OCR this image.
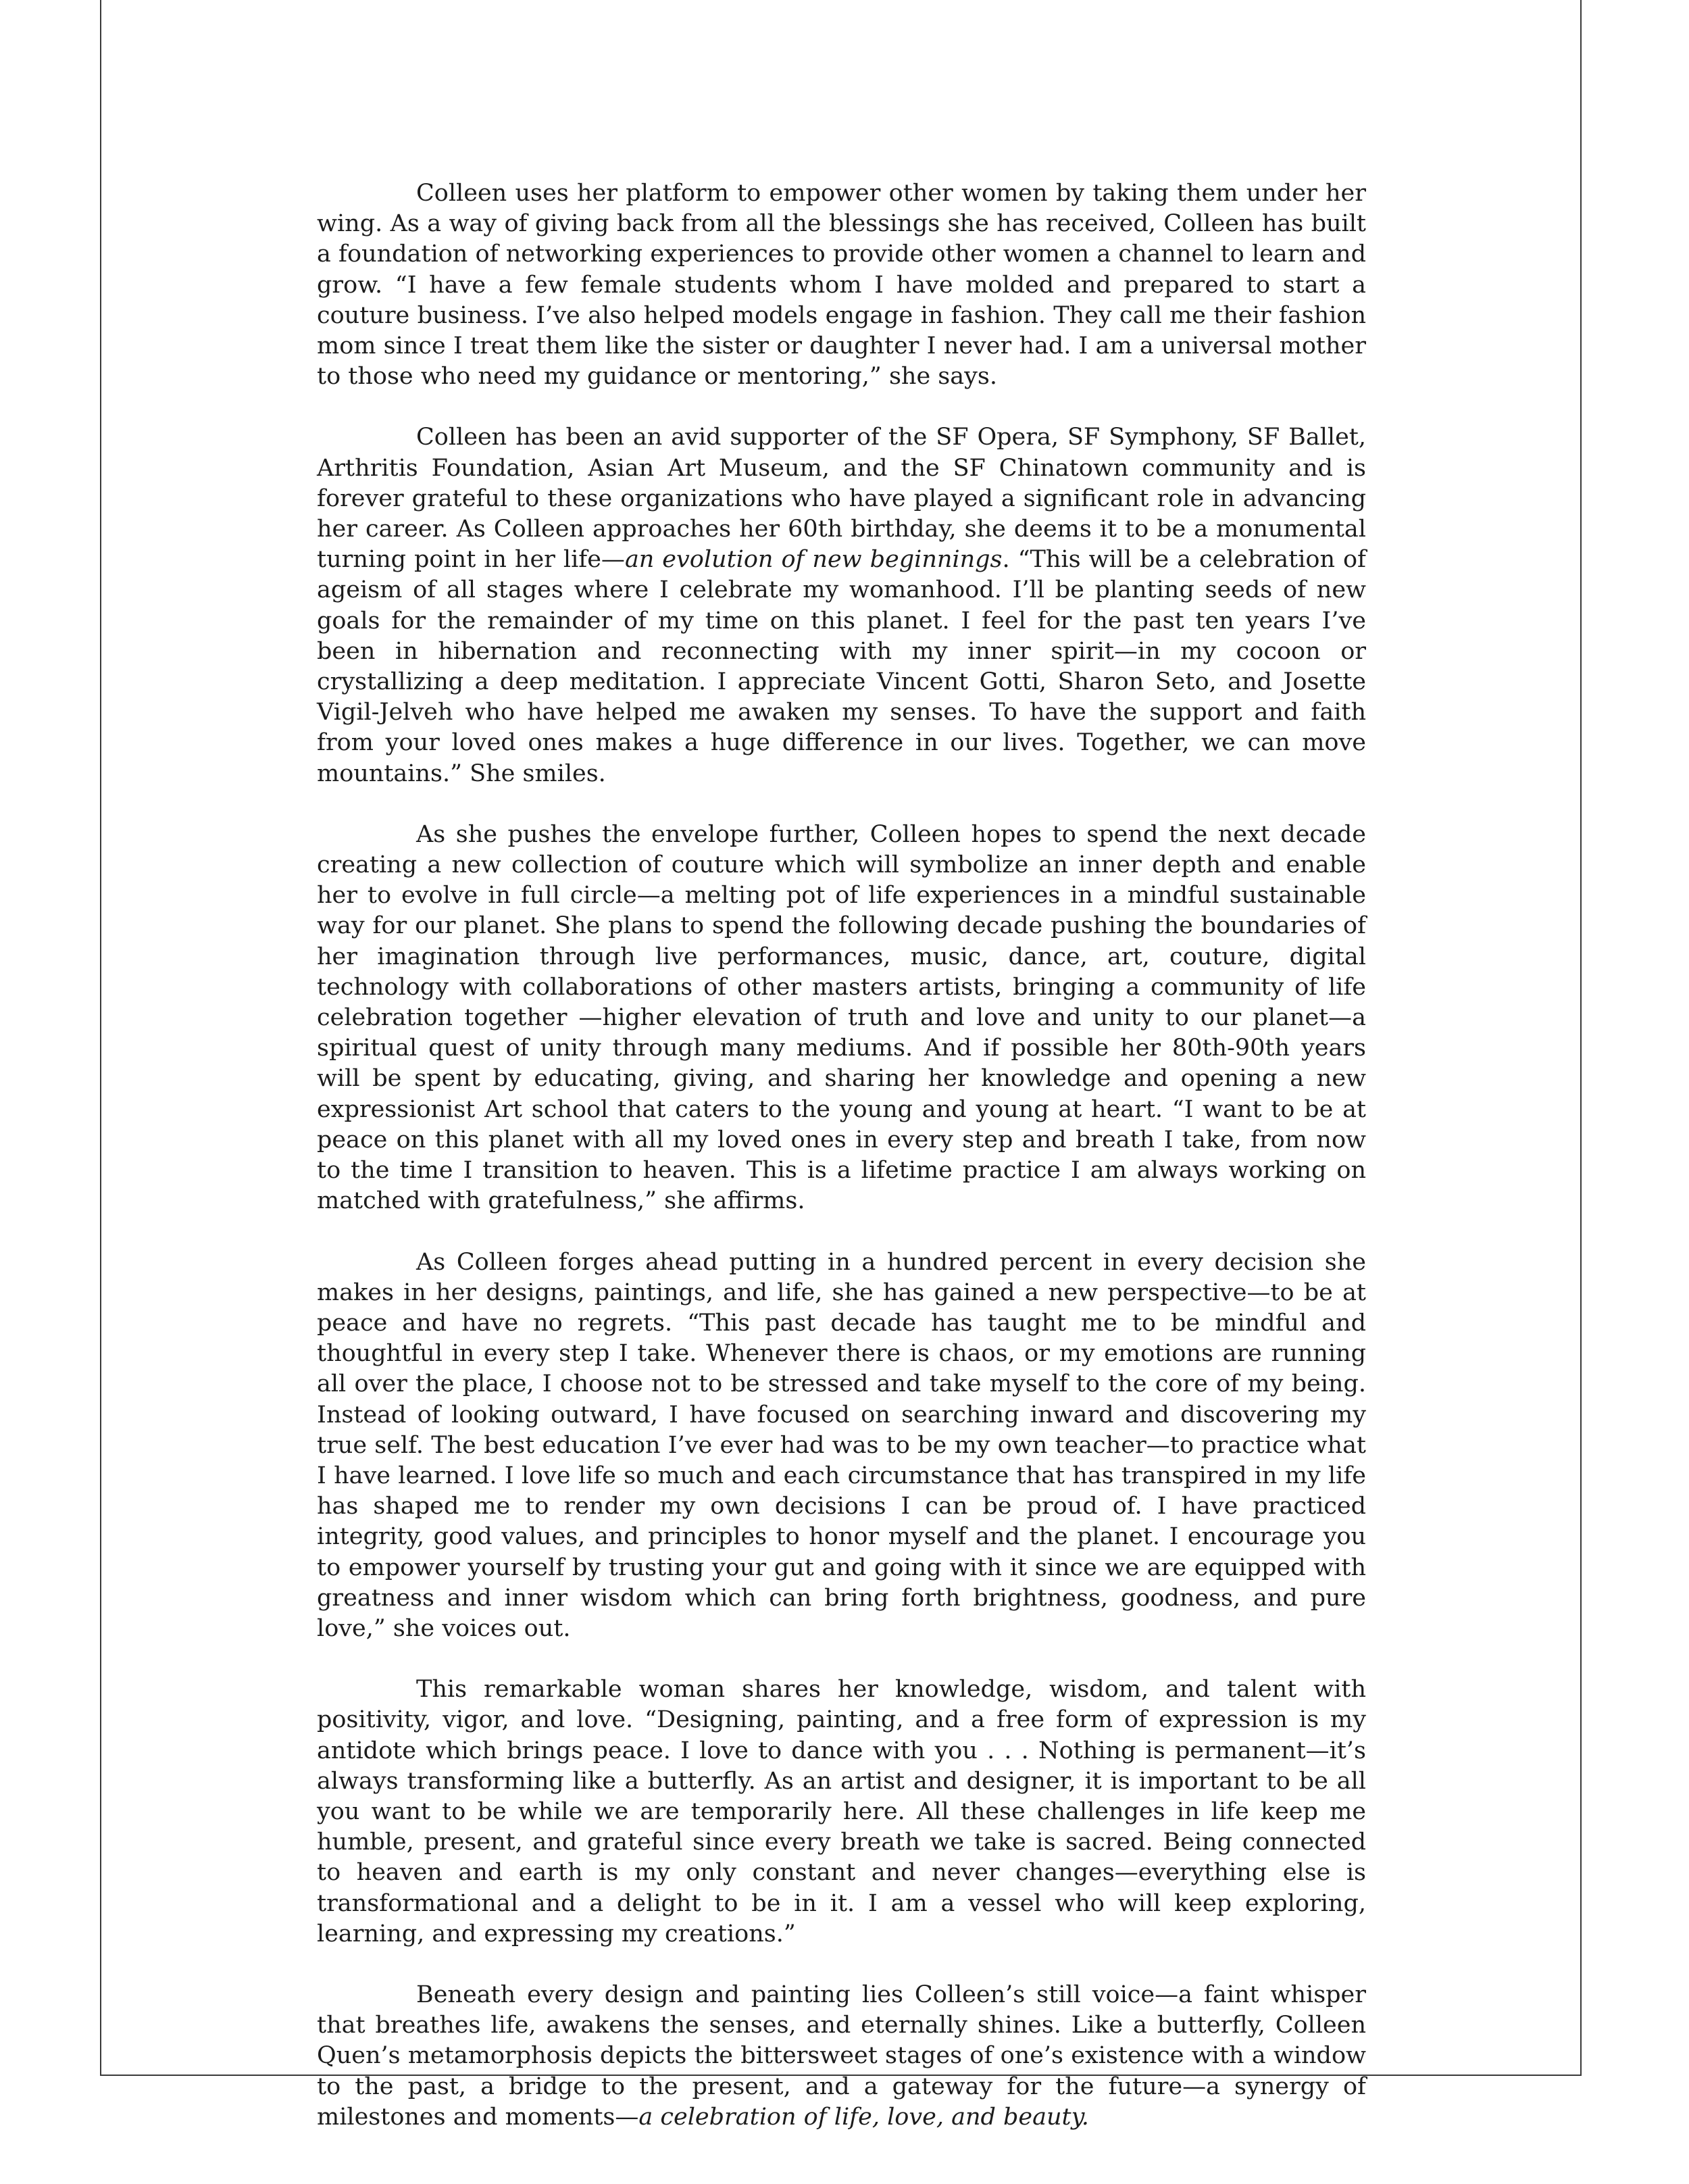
Colleen uses her platform to empower other women by taking them under her wing. As a way of giving back from all the blessings she has received, Colleen has built a foundation of networking experiences to provide other women a channel to learn and grow. “I have a few female students whom I have molded and prepared to start a couture business. I’ve also helped models engage in fashion. They call me their fashion mom since I treat them like the sister or daughter I never had. I am a universal mother to those who need my guidance or mentoring,” she says.

Colleen has been an avid supporter of the SF Opera, SF Symphony, SF Ballet, Arthritis Foundation, Asian Art Museum, and the SF Chinatown community and is forever grateful to these organizations who have played a significant role in advancing her career. As Colleen approaches her 60th birthday, she deems it to be a monumental turning point in her life—an evolution of new beginnings. “This will be a celebration of ageism of all stages where I celebrate my womanhood. I’ll be planting seeds of new goals for the remainder of my time on this planet. I feel for the past ten years I’ve been in hibernation and reconnecting with my inner spirit—in my cocoon or crystallizing a deep meditation. I appreciate Vincent Gotti, Sharon Seto, and Josette Vigil-Jelveh who have helped me awaken my senses. To have the support and faith from your loved ones makes a huge difference in our lives. Together, we can move mountains.” She smiles.

As she pushes the envelope further, Colleen hopes to spend the next decade creating a new collection of couture which will symbolize an inner depth and enable her to evolve in full circle—a melting pot of life experiences in a mindful sustainable way for our planet. She plans to spend the following decade pushing the boundaries of her imagination through live performances, music, dance, art, couture, digital technology with collaborations of other masters artists, bringing a community of life celebration together —higher elevation of truth and love and unity to our planet—a spiritual quest of unity through many mediums. And if possible her 80th-90th years will be spent by educating, giving, and sharing her knowledge and opening a new expressionist Art school that caters to the young and young at heart. “I want to be at peace on this planet with all my loved ones in every step and breath I take, from now to the time I transition to heaven. This is a lifetime practice I am always working on matched with gratefulness,” she affirms.

As Colleen forges ahead putting in a hundred percent in every decision she makes in her designs, paintings, and life, she has gained a new perspective—to be at peace and have no regrets. “This past decade has taught me to be mindful and thoughtful in every step I take. Whenever there is chaos, or my emotions are running all over the place, I choose not to be stressed and take myself to the core of my being. Instead of looking outward, I have focused on searching inward and discovering my true self. The best education I’ve ever had was to be my own teacher—to practice what I have learned. I love life so much and each circumstance that has transpired in my life has shaped me to render my own decisions I can be proud of. I have practiced integrity, good values, and principles to honor myself and the planet. I encourage you to empower yourself by trusting your gut and going with it since we are equipped with greatness and inner wisdom which can bring forth brightness, goodness, and pure love,” she voices out.

This remarkable woman shares her knowledge, wisdom, and talent with positivity, vigor, and love. “Designing, painting, and a free form of expression is my antidote which brings peace. I love to dance with you . . . Nothing is permanent—it’s always transforming like a butterfly. As an artist and designer, it is important to be all you want to be while we are temporarily here. All these challenges in life keep me humble, present, and grateful since every breath we take is sacred. Being connected to heaven and earth is my only constant and never changes—everything else is transformational and a delight to be in it. I am a vessel who will keep exploring, learning, and expressing my creations.”

Beneath every design and painting lies Colleen’s still voice—a faint whisper that breathes life, awakens the senses, and eternally shines. Like a butterfly, Colleen Quen’s metamorphosis depicts the bittersweet stages of one’s existence with a window to the past, a bridge to the present, and a gateway for the future—a synergy of milestones and moments—a celebration of life, love, and beauty.
